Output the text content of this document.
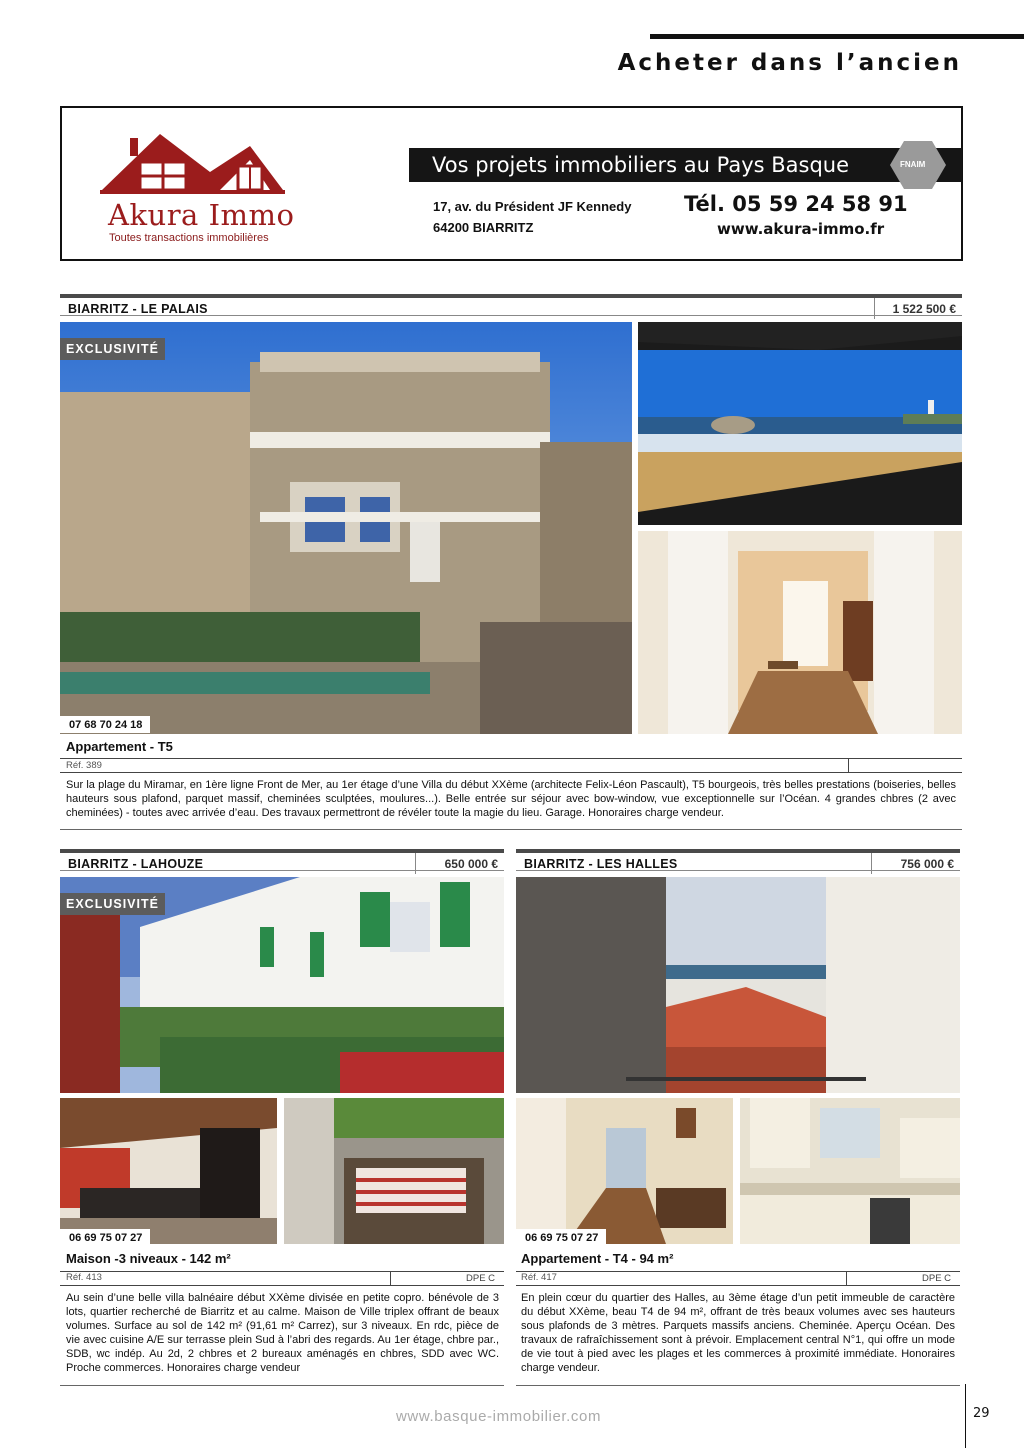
Acheter dans l’ancien
Akura Immo
Toutes transactions immobilières
Vos projets immobiliers au Pays Basque	FNAIM
17, av. du Président JF Kennedy
64200 BIARRITZ
Tél. 05 59 24 58 91
www.akura-immo.fr
BIARRITZ - LE PALAIS	1 522 500 €
EXCLUSIVITÉ
07 68 70 24 18
Appartement - T5
Réf. 389
Sur la plage du Miramar, en 1ère ligne Front de Mer, au 1er étage d’une Villa du début XXème (architecte Felix-Léon Pascault), T5 bourgeois, très belles prestations (boiseries, belles hauteurs sous plafond, parquet massif, cheminées sculptées, moulures...). Belle entrée sur séjour avec bow-window, vue exceptionnelle sur l’Océan. 4 grandes chbres (2 avec cheminées) - toutes avec arrivée d’eau. Des travaux permettront de révéler toute la magie du lieu. Garage. Honoraires charge vendeur.
BIARRITZ - LAHOUZE	650 000 €
EXCLUSIVITÉ
06 69 75 07 27
Maison -3 niveaux - 142 m²
Réf. 413	DPE C
Au sein d’une belle villa balnéaire début XXème divisée en petite copro. bénévole de 3 lots, quartier recherché de Biarritz et au calme. Maison de Ville triplex offrant de beaux volumes. Surface au sol de 142 m² (91,61 m² Carrez), sur 3 niveaux. En rdc, pièce de vie avec cuisine A/E sur terrasse plein Sud à l’abri des regards. Au 1er étage, chbre par., SDB, wc indép. Au 2d, 2 chbres et 2 bureaux aménagés en chbres, SDD avec WC. Proche commerces. Honoraires charge vendeur
BIARRITZ - LES HALLES	756 000 €
06 69 75 07 27
Appartement - T4 - 94 m²
Réf. 417	DPE C
En plein cœur du quartier des Halles, au 3ème étage d’un petit immeuble de caractère du début XXème, beau T4 de 94 m², offrant de très beaux volumes avec ses hauteurs sous plafonds de 3 mètres. Parquets massifs anciens. Cheminée. Aperçu Océan. Des travaux de rafraîchissement sont à prévoir. Emplacement central N°1, qui offre un mode de vie tout à pied avec les plages et les commerces à proximité immédiate. Honoraires charge vendeur.
www.basque-immobilier.com	29
